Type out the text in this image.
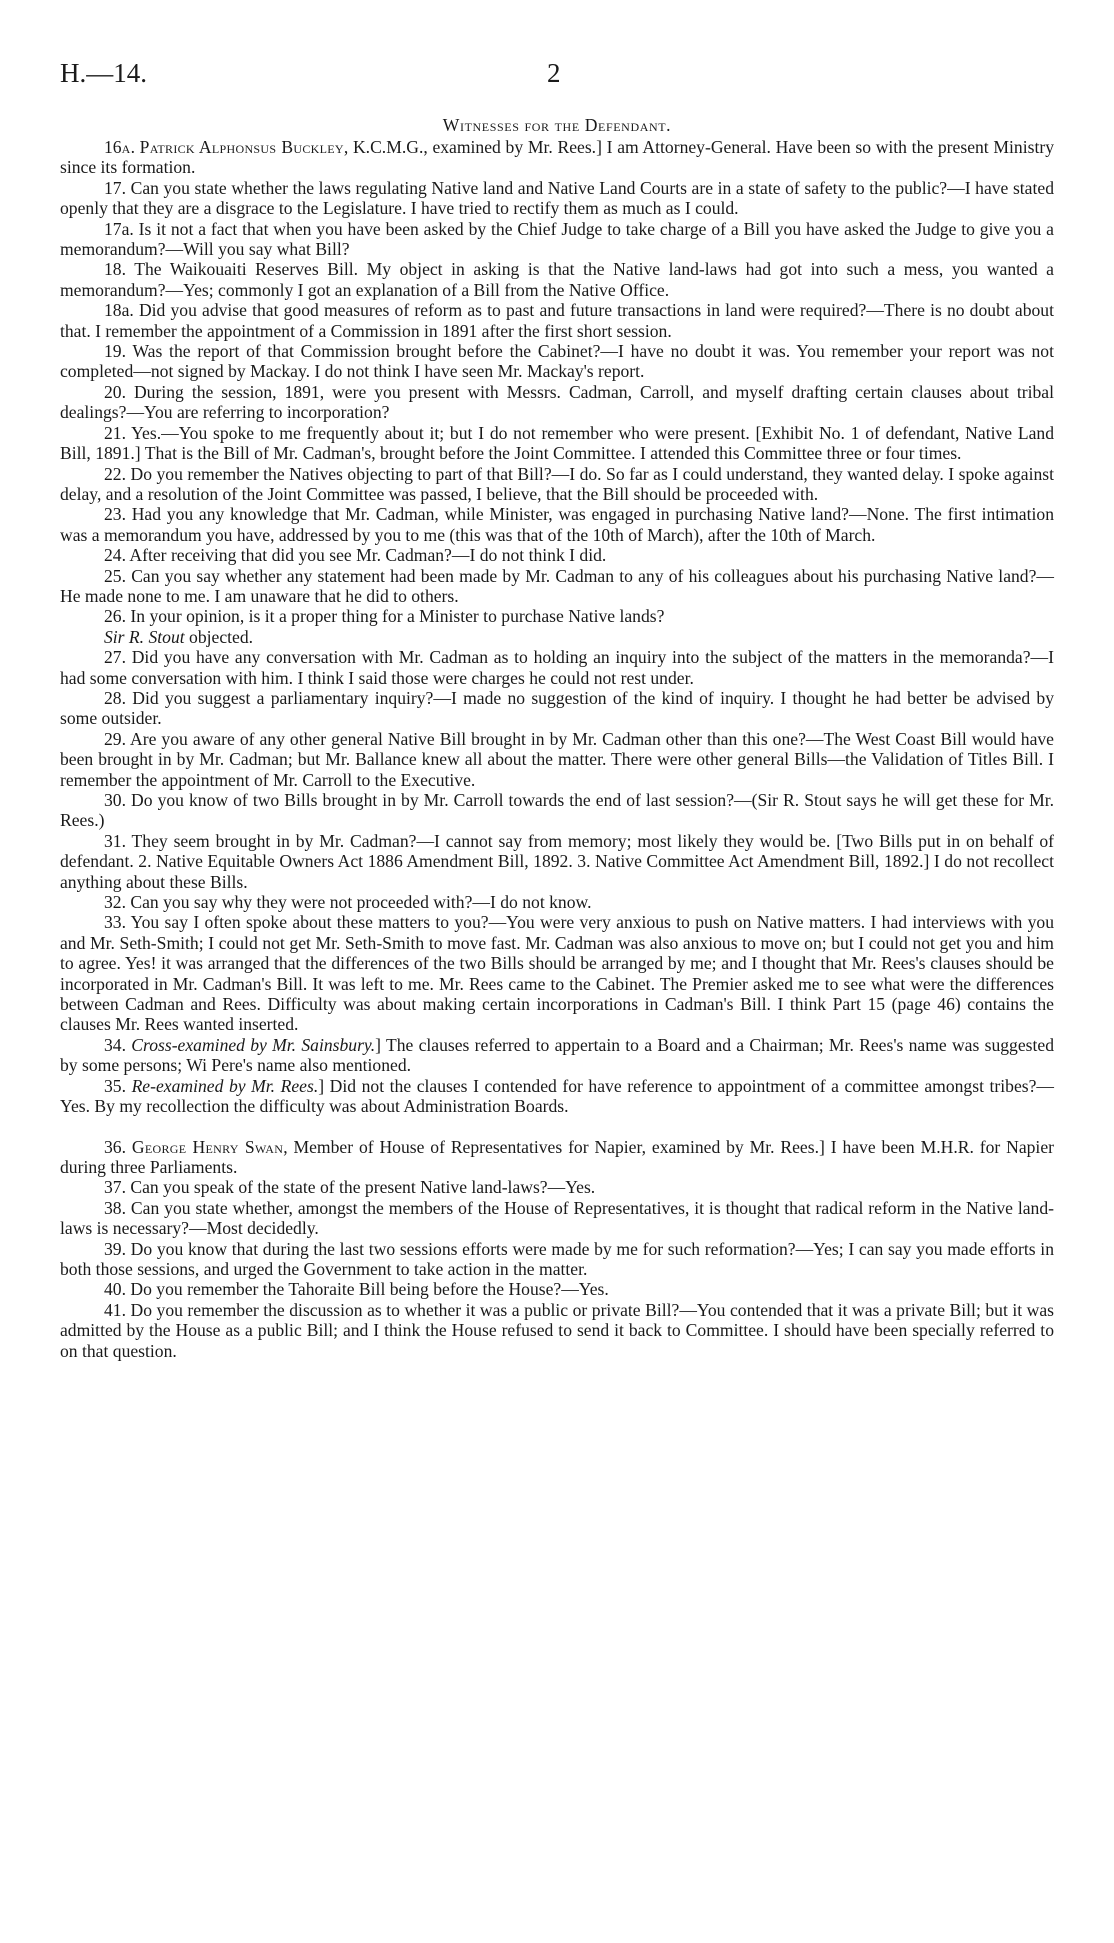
H.—14.	2
Witnesses for the Defendant.

16a. Patrick Alphonsus Buckley, K.C.M.G., examined by Mr. Rees.] I am Attorney-General. Have been so with the present Ministry since its formation.

17. Can you state whether the laws regulating Native land and Native Land Courts are in a state of safety to the public?—I have stated openly that they are a disgrace to the Legislature. I have tried to rectify them as much as I could.

17a. Is it not a fact that when you have been asked by the Chief Judge to take charge of a Bill you have asked the Judge to give you a memorandum?—Will you say what Bill?

18. The Waikouaiti Reserves Bill. My object in asking is that the Native land-laws had got into such a mess, you wanted a memorandum?—Yes; commonly I got an explanation of a Bill from the Native Office.

18a. Did you advise that good measures of reform as to past and future transactions in land were required?—There is no doubt about that. I remember the appointment of a Commission in 1891 after the first short session.

19. Was the report of that Commission brought before the Cabinet?—I have no doubt it was. You remember your report was not completed—not signed by Mackay. I do not think I have seen Mr. Mackay's report.

20. During the session, 1891, were you present with Messrs. Cadman, Carroll, and myself drafting certain clauses about tribal dealings?—You are referring to incorporation?

21. Yes.—You spoke to me frequently about it; but I do not remember who were present. [Exhibit No. 1 of defendant, Native Land Bill, 1891.] That is the Bill of Mr. Cadman's, brought before the Joint Committee. I attended this Committee three or four times.

22. Do you remember the Natives objecting to part of that Bill?—I do. So far as I could understand, they wanted delay. I spoke against delay, and a resolution of the Joint Committee was passed, I believe, that the Bill should be proceeded with.

23. Had you any knowledge that Mr. Cadman, while Minister, was engaged in purchasing Native land?—None. The first intimation was a memorandum you have, addressed by you to me (this was that of the 10th of March), after the 10th of March.

24. After receiving that did you see Mr. Cadman?—I do not think I did.

25. Can you say whether any statement had been made by Mr. Cadman to any of his colleagues about his purchasing Native land?—He made none to me. I am unaware that he did to others.

26. In your opinion, is it a proper thing for a Minister to purchase Native lands?

Sir R. Stout objected.

27. Did you have any conversation with Mr. Cadman as to holding an inquiry into the subject of the matters in the memoranda?—I had some conversation with him. I think I said those were charges he could not rest under.

28. Did you suggest a parliamentary inquiry?—I made no suggestion of the kind of inquiry. I thought he had better be advised by some outsider.

29. Are you aware of any other general Native Bill brought in by Mr. Cadman other than this one?—The West Coast Bill would have been brought in by Mr. Cadman; but Mr. Ballance knew all about the matter. There were other general Bills—the Validation of Titles Bill. I remember the appointment of Mr. Carroll to the Executive.

30. Do you know of two Bills brought in by Mr. Carroll towards the end of last session?—(Sir R. Stout says he will get these for Mr. Rees.)

31. They seem brought in by Mr. Cadman?—I cannot say from memory; most likely they would be. [Two Bills put in on behalf of defendant. 2. Native Equitable Owners Act 1886 Amendment Bill, 1892. 3. Native Committee Act Amendment Bill, 1892.] I do not recollect anything about these Bills.

32. Can you say why they were not proceeded with?—I do not know.

33. You say I often spoke about these matters to you?—You were very anxious to push on Native matters. I had interviews with you and Mr. Seth-Smith; I could not get Mr. Seth-Smith to move fast. Mr. Cadman was also anxious to move on; but I could not get you and him to agree. Yes! it was arranged that the differences of the two Bills should be arranged by me; and I thought that Mr. Rees's clauses should be incorporated in Mr. Cadman's Bill. It was left to me. Mr. Rees came to the Cabinet. The Premier asked me to see what were the differences between Cadman and Rees. Difficulty was about making certain incorporations in Cadman's Bill. I think Part 15 (page 46) contains the clauses Mr. Rees wanted inserted.

34. Cross-examined by Mr. Sainsbury.] The clauses referred to appertain to a Board and a Chairman; Mr. Rees's name was suggested by some persons; Wi Pere's name also mentioned.

35. Re-examined by Mr. Rees.] Did not the clauses I contended for have reference to appointment of a committee amongst tribes?—Yes. By my recollection the difficulty was about Administration Boards.

36. George Henry Swan, Member of House of Representatives for Napier, examined by Mr. Rees.] I have been M.H.R. for Napier during three Parliaments.

37. Can you speak of the state of the present Native land-laws?—Yes.

38. Can you state whether, amongst the members of the House of Representatives, it is thought that radical reform in the Native land-laws is necessary?—Most decidedly.

39. Do you know that during the last two sessions efforts were made by me for such reformation?—Yes; I can say you made efforts in both those sessions, and urged the Government to take action in the matter.

40. Do you remember the Tahoraite Bill being before the House?—Yes.

41. Do you remember the discussion as to whether it was a public or private Bill?—You contended that it was a private Bill; but it was admitted by the House as a public Bill; and I think the House refused to send it back to Committee. I should have been specially referred to on that question.
